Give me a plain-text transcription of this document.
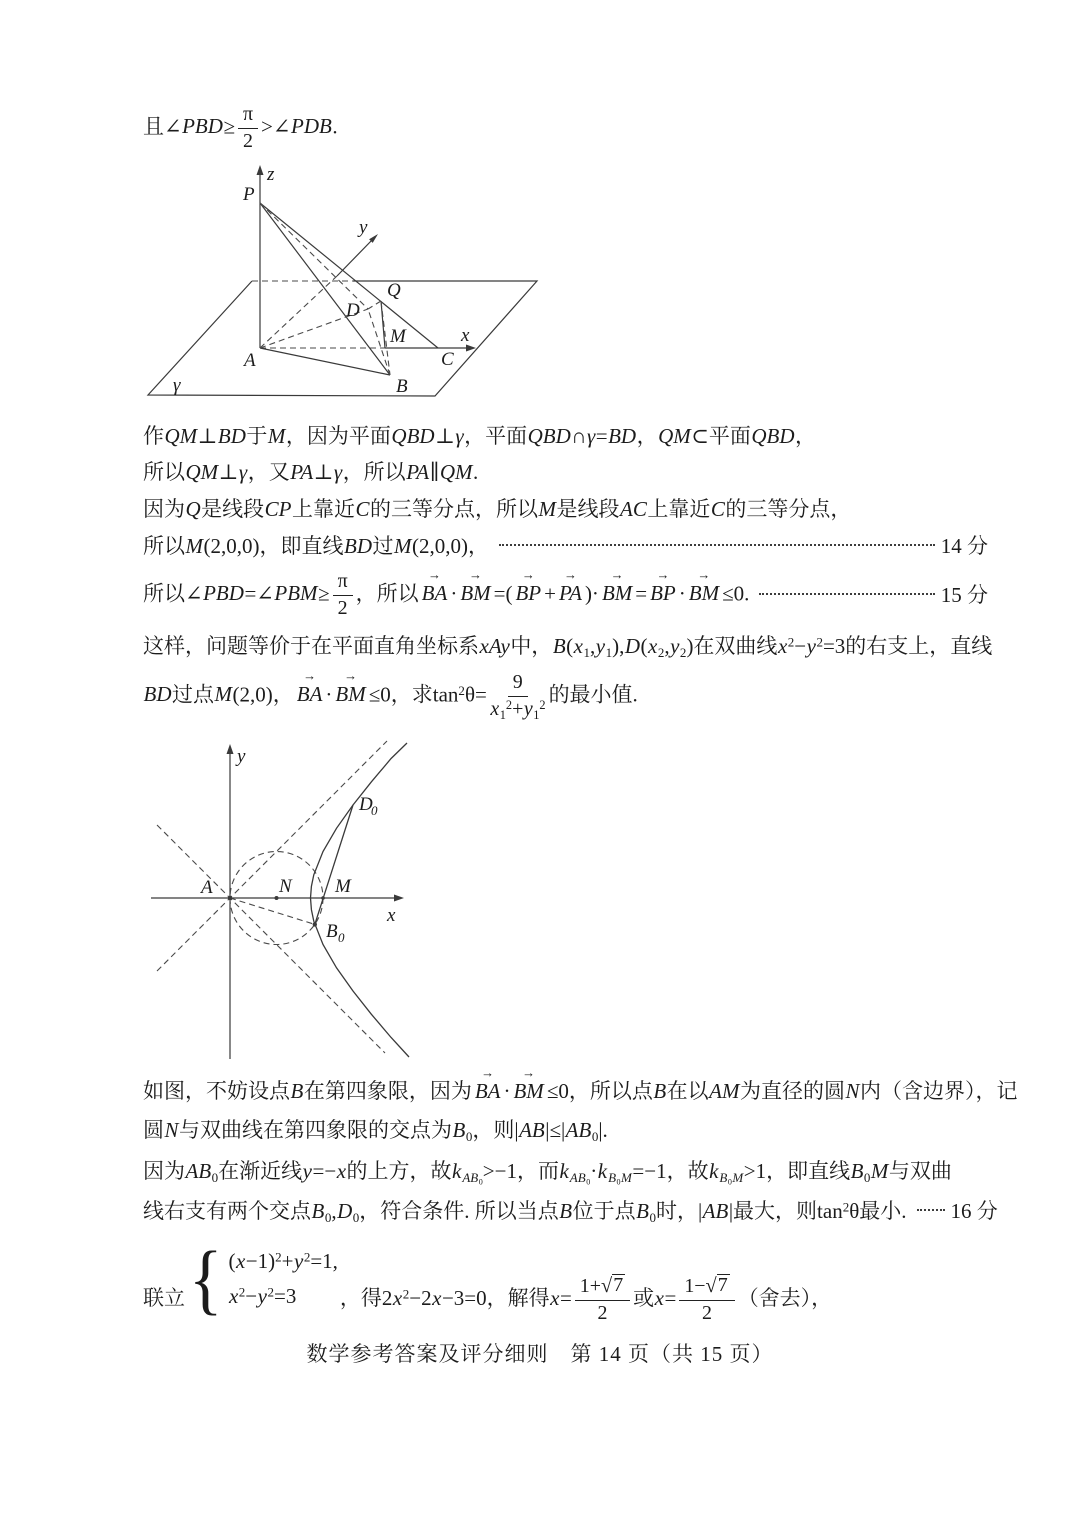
且∠PBD≥ $\frac{\pi}{2}$ >∠PDB.
z
P
y
Q
D
M	x
C
A
B
γ
作QM⊥BD于M，因为平面QBD⊥γ，平面QBD∩γ=BD，QM⊂平面QBD，
所以QM⊥γ，又PA⊥γ，所以PA∥QM.
因为Q是线段CP上靠近C的三等分点，所以M是线段AC上靠近C的三等分点，
所以M(2,0,0)，即直线BD过M(2,0,0)，	14 分
所以∠PBD=∠PBM≥ $\frac{\pi}{2}$ ，所以 → BA · → BM =( → BP + → PA )· → BM = → BP · → BM ≤0.	15 分
这样，问题等价于在平面直角坐标系xAy中，$B(x_1,y_1),D(x_2,y_2)$在双曲线$x^2-y^2=3$的右支上，直线
BD过点M(2,0)， → BA · → BM ≤0，求$\tan^2\theta= \frac{9}{x_1^2+y_1^2}$ 的最小值.
y
x
A	N M
B 0
D
0
如图，不妨设点B在第四象限，因为 → BA · → BM ≤0，所以点B在以AM为直径的圆N内（含边界），记
圆N与双曲线在第四象限的交点为$B_0$，则$|AB|\le|AB_0|$.
因为$AB_0$在渐近线y=−x的上方，故$k_{AB_0}>-1$，而$k_{AB_0}\cdot k_{B_0M}=-1$，故$k_{B_0M}>1$，即直线$B_0M$与双曲
线右支有两个交点$B_0,D_0$，符合条件. 所以当点B位于点$B_0$时，|AB|最大，则$\tan^2\theta$最小. 16 分
联立
{
$(x-1)^2+y^2=1$,
$x^2-y^2=3$	，得$2x^2-2x-3=0$，解得$x= \frac{1+ √ 7}{2}$ 或$x= \frac{1- √ 7}{2}$ （舍去），
数学参考答案及评分细则　第 14 页（共 15 页）
